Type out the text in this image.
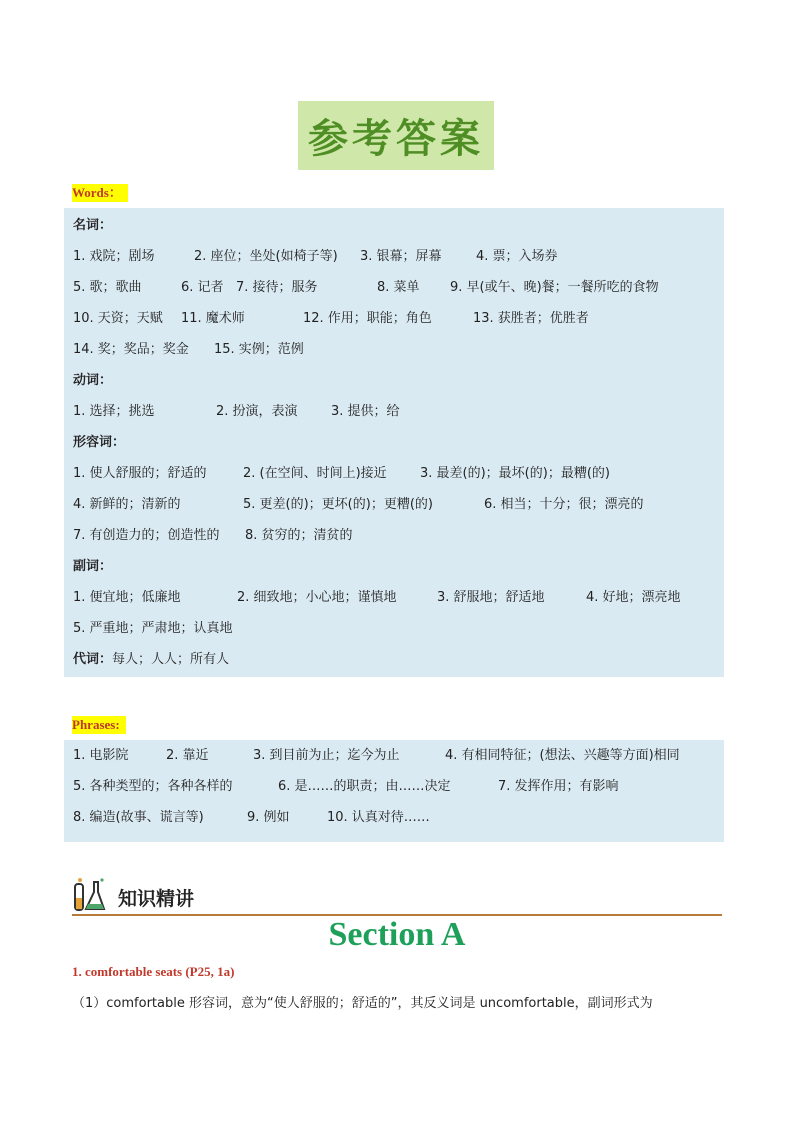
参考答案
Words：
名词：
1. 戏院；剧场	2. 座位；坐处(如椅子等) 3. 银幕；屏幕	4. 票；入场券
5. 歌；歌曲	6. 记者 7. 接待；服务	8. 菜单 9. 早(或午、晚)餐；一餐所吃的食物
10. 天资；天赋 11. 魔术师	12. 作用；职能；角色	13. 获胜者；优胜者
14. 奖；奖品；奖金 15. 实例；范例
动词：
1. 选择；挑选	2. 扮演，表演	3. 提供；给
形容词：
1. 使人舒服的；舒适的	2. (在空间、时间上)接近	3. 最差(的)；最坏(的)；最糟(的)
4. 新鲜的；清新的	5. 更差(的)；更坏(的)；更糟(的)	6. 相当；十分；很；漂亮的
7. 有创造力的；创造性的 8. 贫穷的；清贫的
副词：
1. 便宜地；低廉地	2. 细致地；小心地；谨慎地	3. 舒服地；舒适地	4. 好地；漂亮地
5. 严重地；严肃地；认真地
代词：每人；人人；所有人
Phrases:
1. 电影院	2. 靠近	3. 到目前为止；迄今为止	4. 有相同特征；(想法、兴趣等方面)相同
5. 各种类型的；各种各样的	6. 是……的职责；由……决定	7. 发挥作用；有影响
8. 编造(故事、谎言等)	9. 例如	10. 认真对待……
知识精讲
Section A
1. comfortable seats (P25, 1a)
（1）comfortable 形容词，意为“使人舒服的；舒适的”，其反义词是 uncomfortable，副词形式为
